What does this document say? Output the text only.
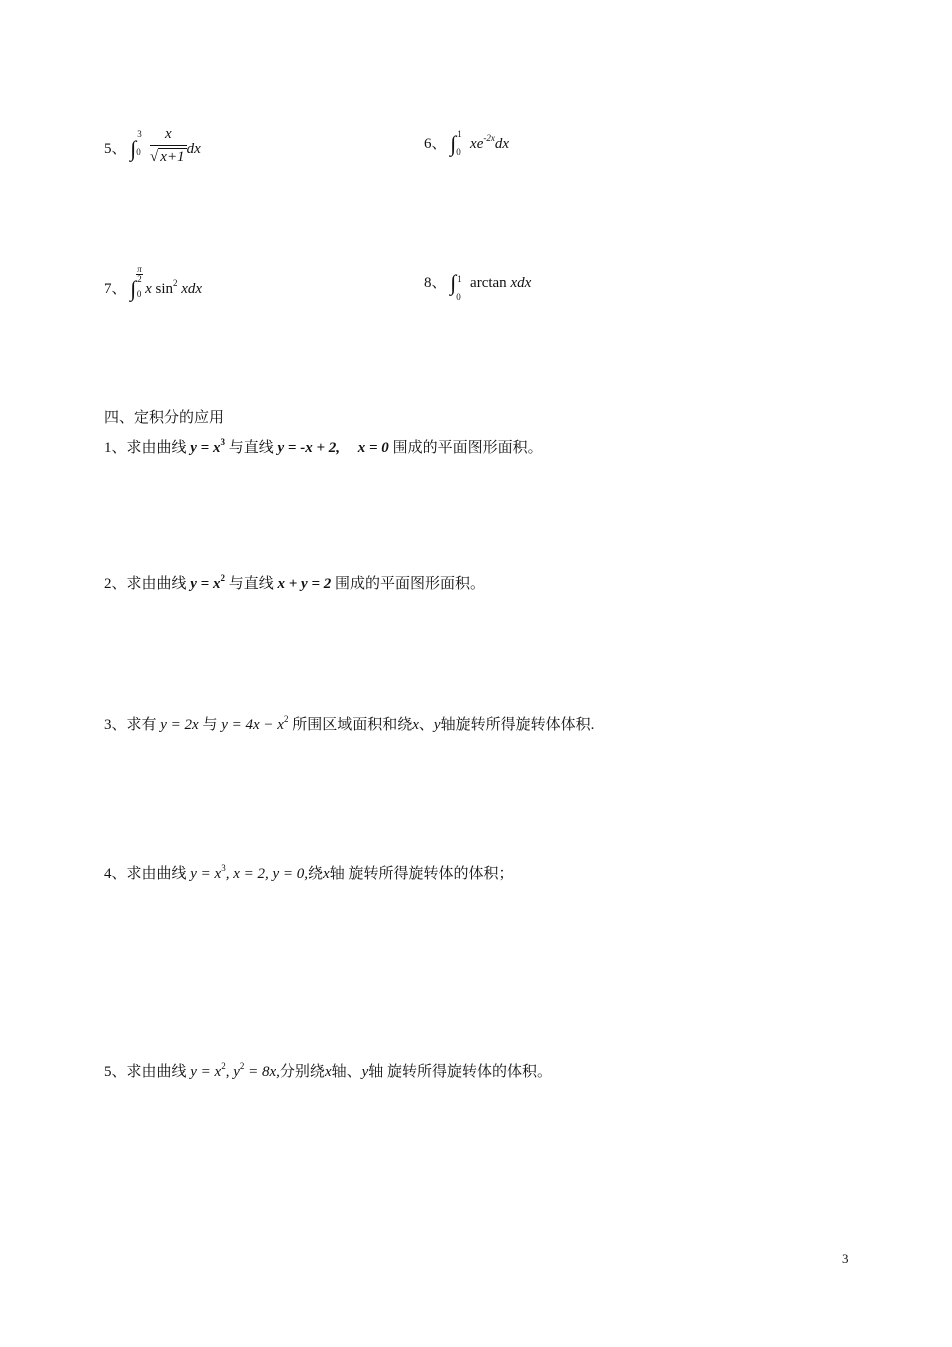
5、 ∫
3
0
$\frac{x}{√ x+1}$ dx	6、 ∫ 1
0 $xe^{-2x}dx$
7、 ∫
$\frac{\pi}{2}$
$_0$ x $\sin^2$ xdx	8、 ∫ 1
0
arctan xdx
四、定积分的应用
1、求由曲线 $y = x^3$ 与直线 y = -x + 2, x = 0 围成的平面图形面积。
2、求由曲线 $y = x^2$ 与直线 x + y = 2 围成的平面图形面积。
3、求有 y = 2x 与 $y = 4x - x^2$ 所围区域面积和绕x、y轴旋转所得旋转体体积.
4、求由曲线 $y = x^3$, x = 2, y = 0,绕x轴 旋转所得旋转体的体积；
5、求由曲线 $y = x^2$, $y^2 = 8x$,分别绕x轴、y轴 旋转所得旋转体的体积。
3
